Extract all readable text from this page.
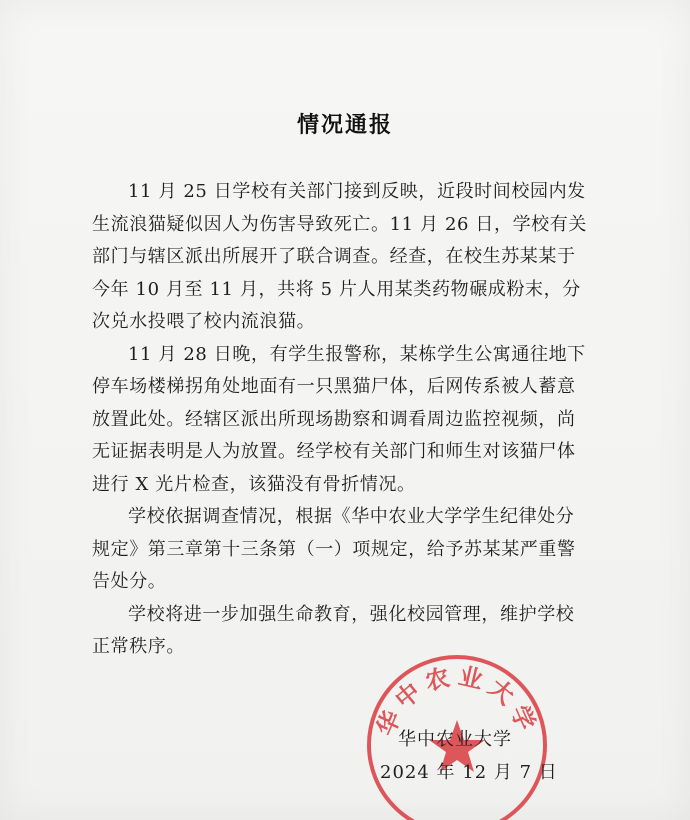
情况通报

11 月 25 日学校有关部门接到反映，近段时间校园内发生流浪猫疑似因人为伤害导致死亡。11 月 26 日，学校有关部门与辖区派出所展开了联合调查。经查，在校生苏某某于今年 10 月至 11 月，共将 5 片人用某类药物碾成粉末，分次兑水投喂了校内流浪猫。

11 月 28 日晚，有学生报警称，某栋学生公寓通往地下停车场楼梯拐角处地面有一只黑猫尸体，后网传系被人蓄意放置此处。经辖区派出所现场勘察和调看周边监控视频，尚无证据表明是人为放置。经学校有关部门和师生对该猫尸体进行 X 光片检查，该猫没有骨折情况。

学校依据调查情况，根据《华中农业大学学生纪律处分规定》第三章第十三条第（一）项规定，给予苏某某严重警告处分。

学校将进一步加强生命教育，强化校园管理，维护学校正常秩序。

华中农业大学
华中农业大学
2024 年 12 月 7 日
